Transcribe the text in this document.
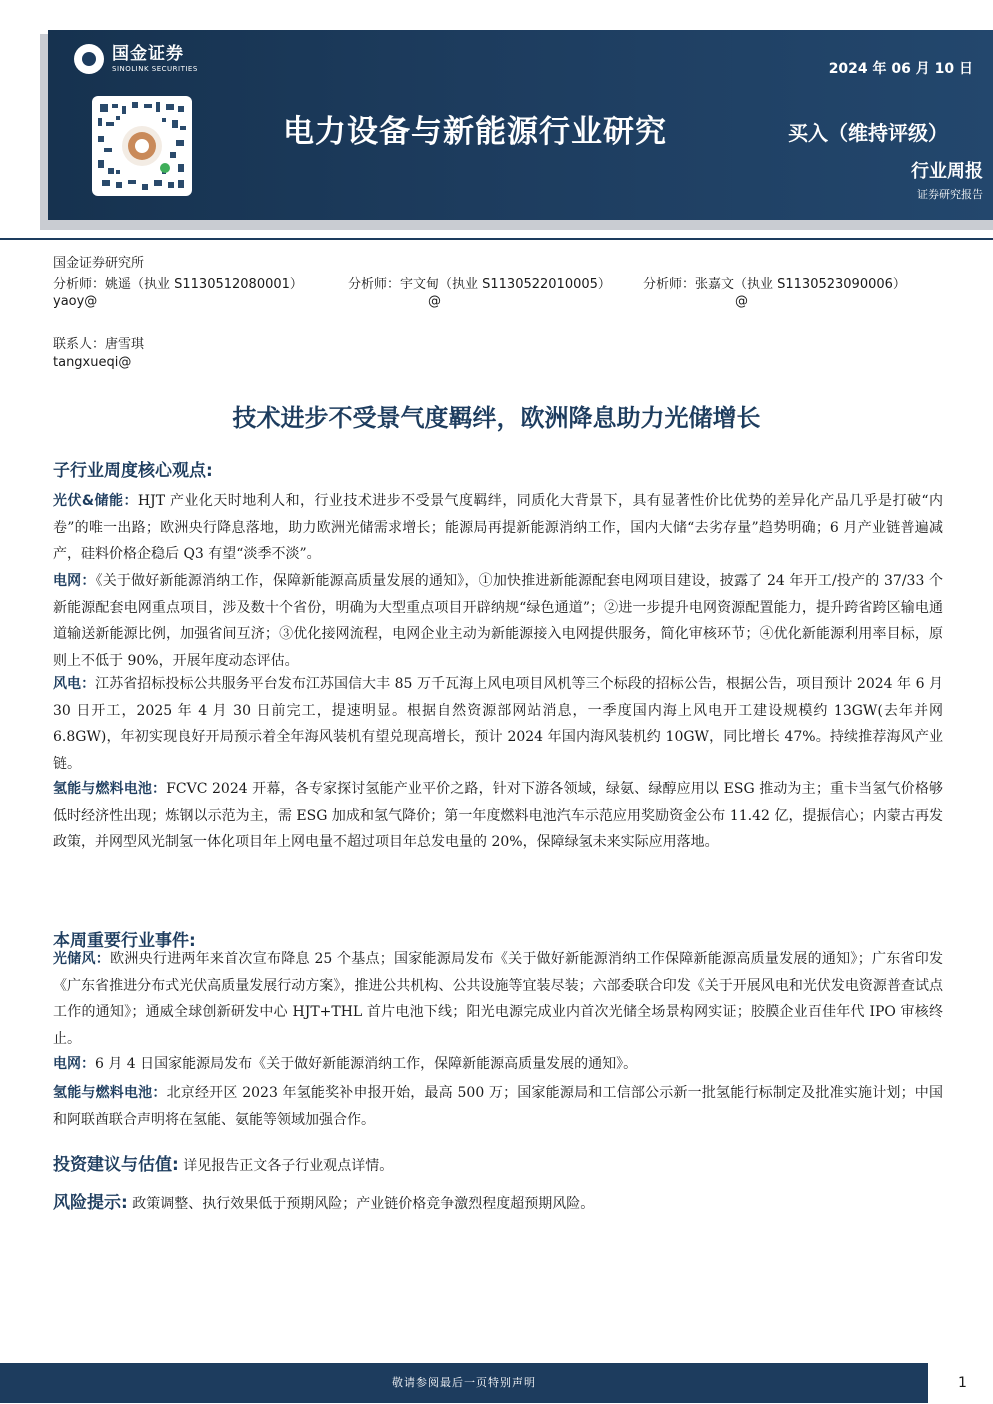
国金证券
SINOLINK SECURITIES	2024 年 06 月 10 日
电力设备与新能源行业研究	买入（维持评级）
行业周报
证券研究报告
国金证券研究所
分析师：姚遥（执业 S1130512080001）	分析师：宇文甸（执业 S1130522010005） 分析师：张嘉文（执业 S1130523090006）
yaoy@	@	@
联系人：唐雪琪
tangxueqi@
技术进步不受景气度羁绊，欧洲降息助力光储增长
子行业周度核心观点:

光伏&储能：HJT 产业化天时地利人和，行业技术进步不受景气度羁绊，同质化大背景下，具有显著性价比优势的差异化产品几乎是打破“内卷”的唯一出路；欧洲央行降息落地，助力欧洲光储需求增长；能源局再提新能源消纳工作，国内大储“去劣存量”趋势明确；6 月产业链普遍减产，硅料价格企稳后 Q3 有望“淡季不淡”。

电网：《关于做好新能源消纳工作，保障新能源高质量发展的通知》，①加快推进新能源配套电网项目建设，披露了 24 年开工/投产的 37/33 个新能源配套电网重点项目，涉及数十个省份，明确为大型重点项目开辟纳规“绿色通道”；②进一步提升电网资源配置能力，提升跨省跨区输电通道输送新能源比例，加强省间互济；③优化接网流程，电网企业主动为新能源接入电网提供服务，简化审核环节；④优化新能源利用率目标，原则上不低于 90%，开展年度动态评估。

风电：江苏省招标投标公共服务平台发布江苏国信大丰 85 万千瓦海上风电项目风机等三个标段的招标公告，根据公告，项目预计 2024 年 6 月 30 日开工，2025 年 4 月 30 日前完工，提速明显。根据自然资源部网站消息，一季度国内海上风电开工建设规模约 13GW(去年并网 6.8GW)，年初实现良好开局预示着全年海风装机有望兑现高增长，预计 2024 年国内海风装机约 10GW，同比增长 47%。持续推荐海风产业链。

氢能与燃料电池：FCVC 2024 开幕，各专家探讨氢能产业平价之路，针对下游各领域，绿氨、绿醇应用以 ESG 推动为主；重卡当氢气价格够低时经济性出现；炼钢以示范为主，需 ESG 加成和氢气降价；第一年度燃料电池汽车示范应用奖励资金公布 11.42 亿，提振信心；内蒙古再发政策，并网型风光制氢一体化项目年上网电量不超过项目年总发电量的 20%，保障绿氢未来实际应用落地。

本周重要行业事件:

光储风：欧洲央行进两年来首次宣布降息 25 个基点；国家能源局发布《关于做好新能源消纳工作保障新能源高质量发展的通知》；广东省印发《广东省推进分布式光伏高质量发展行动方案》，推进公共机构、公共设施等宜装尽装；六部委联合印发《关于开展风电和光伏发电资源普查试点工作的通知》；通威全球创新研发中心 HJT+THL 首片电池下线；阳光电源完成业内首次光储全场景构网实证；胶膜企业百佳年代 IPO 审核终止。

电网：6 月 4 日国家能源局发布《关于做好新能源消纳工作，保障新能源高质量发展的通知》。

氢能与燃料电池：北京经开区 2023 年氢能奖补申报开始，最高 500 万；国家能源局和工信部公示新一批氢能行标制定及批准实施计划；中国和阿联酋联合声明将在氢能、氨能等领域加强合作。

投资建议与估值: 详见报告正文各子行业观点详情。
风险提示: 政策调整、执行效果低于预期风险；产业链价格竞争激烈程度超预期风险。
敬请参阅最后一页特别声明	1
